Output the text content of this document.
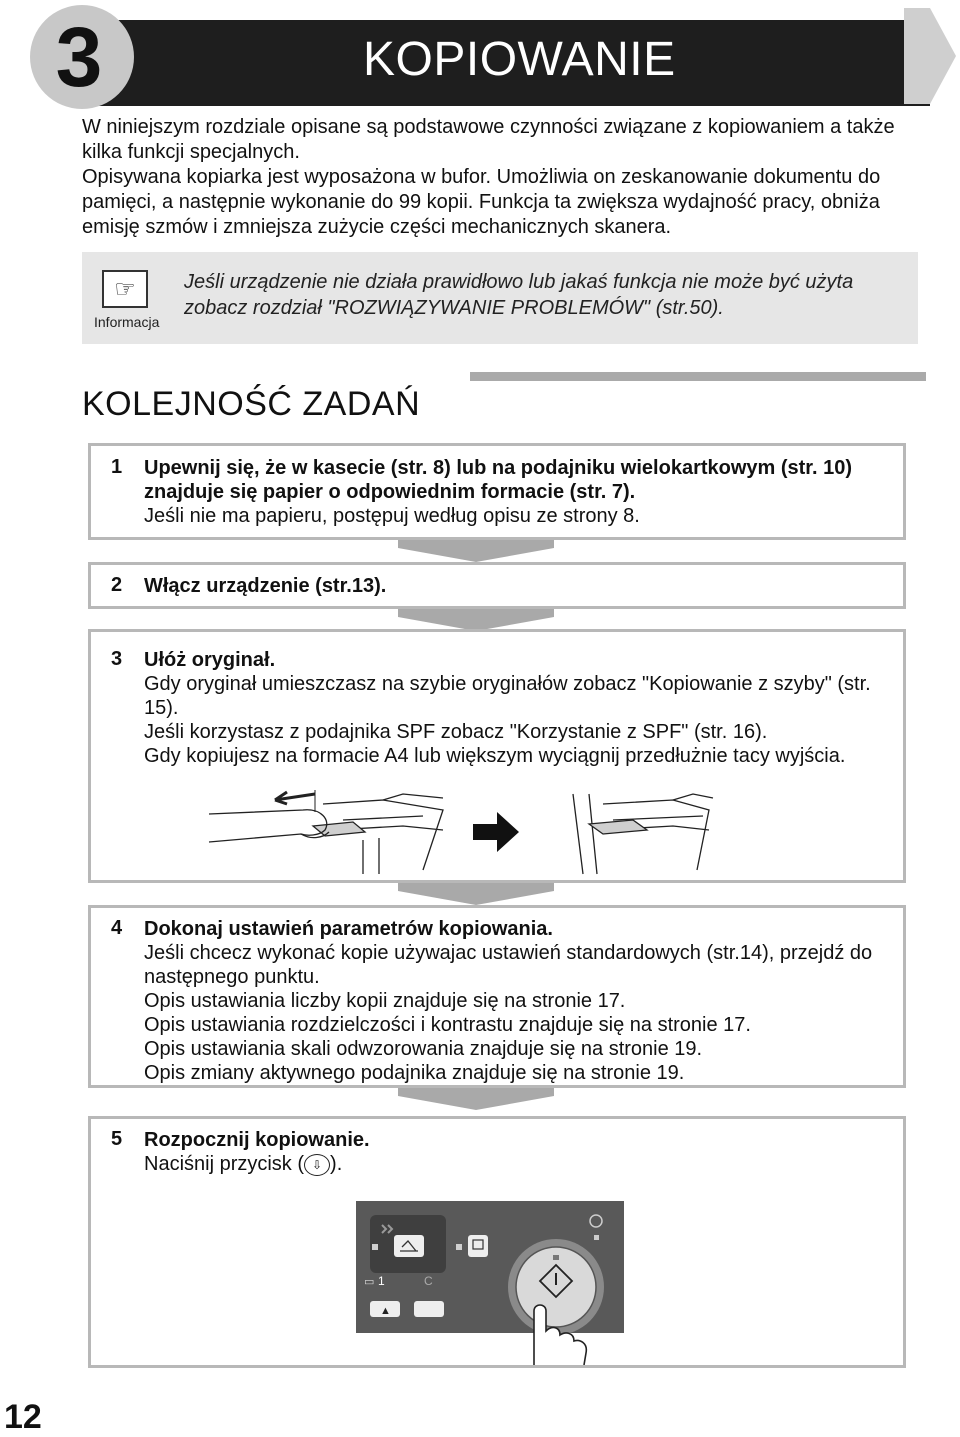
3	KOPIOWANIE

W niniejszym rozdziale opisane są podstawowe czynności związane z kopiowaniem a także kilka funkcji specjalnych.

Opisywana kopiarka jest wyposażona w bufor. Umożliwia on zeskanowanie dokumentu do pamięci, a następnie wykonanie do 99 kopii. Funkcja ta zwiększa wydajność pracy, obniża emisję szmów i zmniejsza zużycie części mechanicznych skanera.

☞
Informacja
Jeśli urządzenie nie działa prawidłowo lub jakaś funkcja nie może być użyta zobacz rozdział "ROZWIĄZYWANIE PROBLEMÓW" (str.50).
KOLEJNOŚĆ ZADAŃ
1 Upewnij się, że w kasecie (str. 8) lub na podajniku wielokartkowym (str. 10) znajduje się papier o odpowiednim formacie (str. 7).
Jeśli nie ma papieru, postępuj według opisu ze strony 8.
2 Włącz urządzenie (str.13).
3 Ułóż oryginał.
Gdy oryginał umieszczasz na szybie oryginałów zobacz "Kopiowanie z szyby" (str. 15).
Jeśli korzystasz z podajnika SPF zobacz "Korzystanie z SPF" (str. 16).
Gdy kopiujesz na formacie A4 lub większym wyciągnij przedłużnie tacy wyjścia.
4 Dokonaj ustawień parametrów kopiowania.
Jeśli chcecz wykonać kopie używajac ustawień standardowych (str.14), przejdź do następnego punktu.
Opis ustawiania liczby kopii znajduje się na stronie 17.
Opis ustawiania rozdzielczości i kontrastu znajduje się na stronie 17.
Opis ustawiania skali odwzorowania znajduje się na stronie 19.
Opis zmiany aktywnego podajnika znajduje się na stronie 19.
5 Rozpocznij kopiowanie.
Naciśnij przycisk ( ⇩ ).
▭ 1	C
▲
12
